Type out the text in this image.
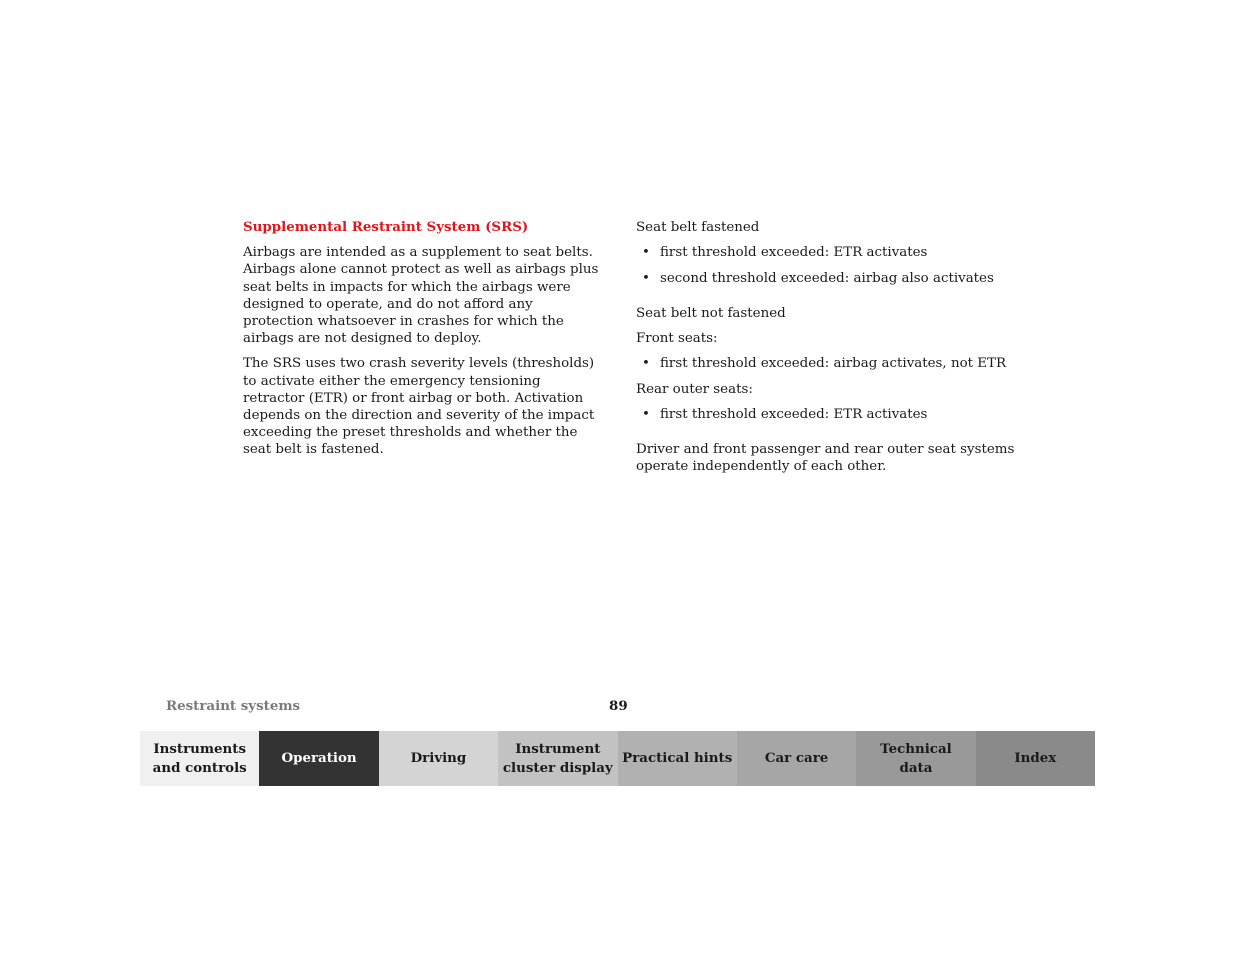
Supplemental Restraint System (SRS)

Airbags are intended as a supplement to seat belts. Airbags alone cannot protect as well as airbags plus seat belts in impacts for which the airbags were designed to operate, and do not afford any protection whatsoever in crashes for which the airbags are not designed to deploy.

The SRS uses two crash severity levels (thresholds) to activate either the emergency tensioning retractor (ETR) or front airbag or both. Activation depends on the direction and severity of the impact exceeding the preset thresholds and whether the seat belt is fastened.

Seat belt fastened
• first threshold exceeded: ETR activates
• second threshold exceeded: airbag also activates
Seat belt not fastened
Front seats:
• first threshold exceeded: airbag activates, not ETR
Rear outer seats:
• first threshold exceeded: ETR activates

Driver and front passenger and rear outer seat systems operate independently of each other.

Restraint systems	89
Instruments
and controls
Operation	Driving
Instrument
cluster display
Practical hints	Car care
Technical
data
Index
